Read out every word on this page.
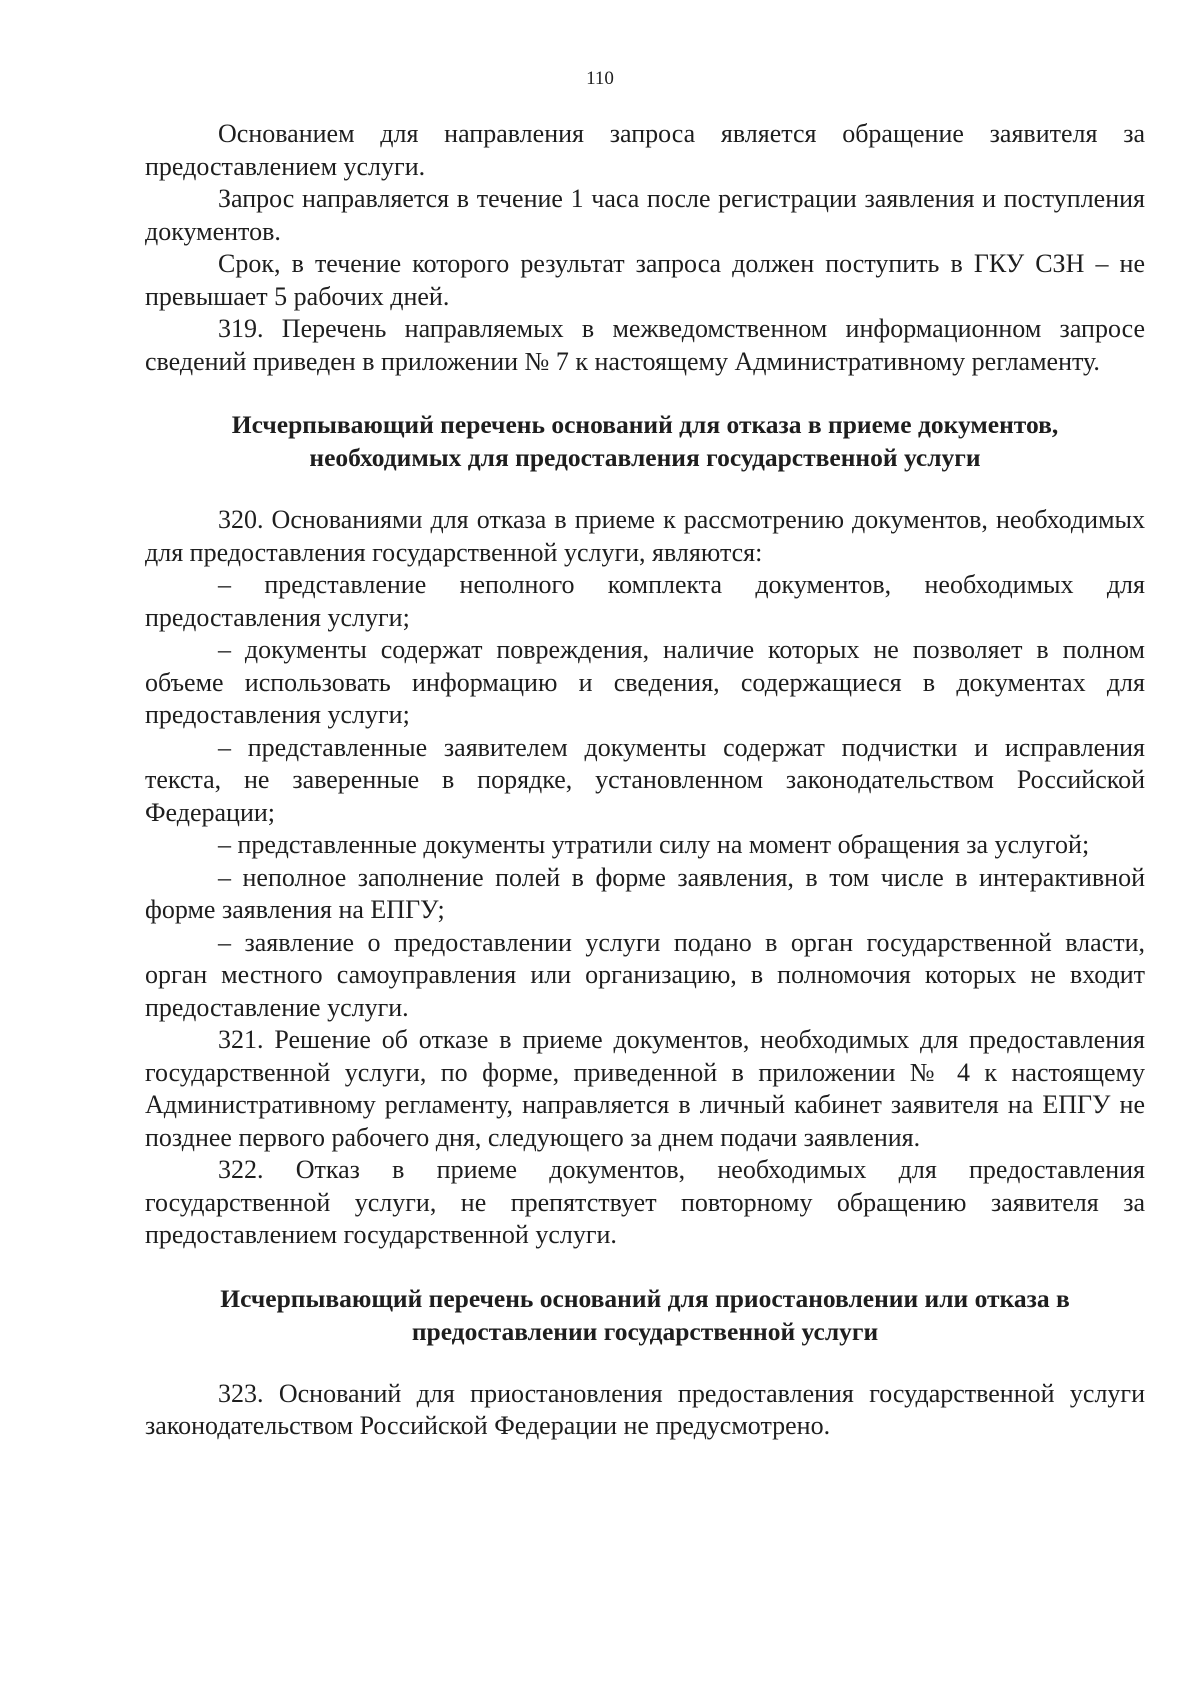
110

Основанием для направления запроса является обращение заявителя за предоставлением услуги.

Запрос направляется в течение 1 часа после регистрации заявления и поступления документов.

Срок, в течение которого результат запроса должен поступить в ГКУ СЗН – не превышает 5 рабочих дней.

319. Перечень направляемых в межведомственном информационном запросе сведений приведен в приложении № 7 к настоящему Административному регламенту.

Исчерпывающий перечень оснований для отказа в приеме документов,
необходимых для предоставления государственной услуги

320. Основаниями для отказа в приеме к рассмотрению документов, необходимых для предоставления государственной услуги, являются:

– представление неполного комплекта документов, необходимых для предоставления услуги;

– документы содержат повреждения, наличие которых не позволяет в полном объеме использовать информацию и сведения, содержащиеся в документах для предоставления услуги;

– представленные заявителем документы содержат подчистки и исправления текста, не заверенные в порядке, установленном законодательством Российской Федерации;

– представленные документы утратили силу на момент обращения за услугой;

– неполное заполнение полей в форме заявления, в том числе в интерактивной форме заявления на ЕПГУ;

– заявление о предоставлении услуги подано в орган государственной власти, орган местного самоуправления или организацию, в полномочия которых не входит предоставление услуги.

321. Решение об отказе в приеме документов, необходимых для предоставления государственной услуги, по форме, приведенной в приложении № 4 к настоящему Административному регламенту, направляется в личный кабинет заявителя на ЕПГУ не позднее первого рабочего дня, следующего за днем подачи заявления.

322. Отказ в приеме документов, необходимых для предоставления государственной услуги, не препятствует повторному обращению заявителя за предоставлением государственной услуги.

Исчерпывающий перечень оснований для приостановлении или отказа в
предоставлении государственной услуги

323. Оснований для приостановления предоставления государственной услуги законодательством Российской Федерации не предусмотрено.
